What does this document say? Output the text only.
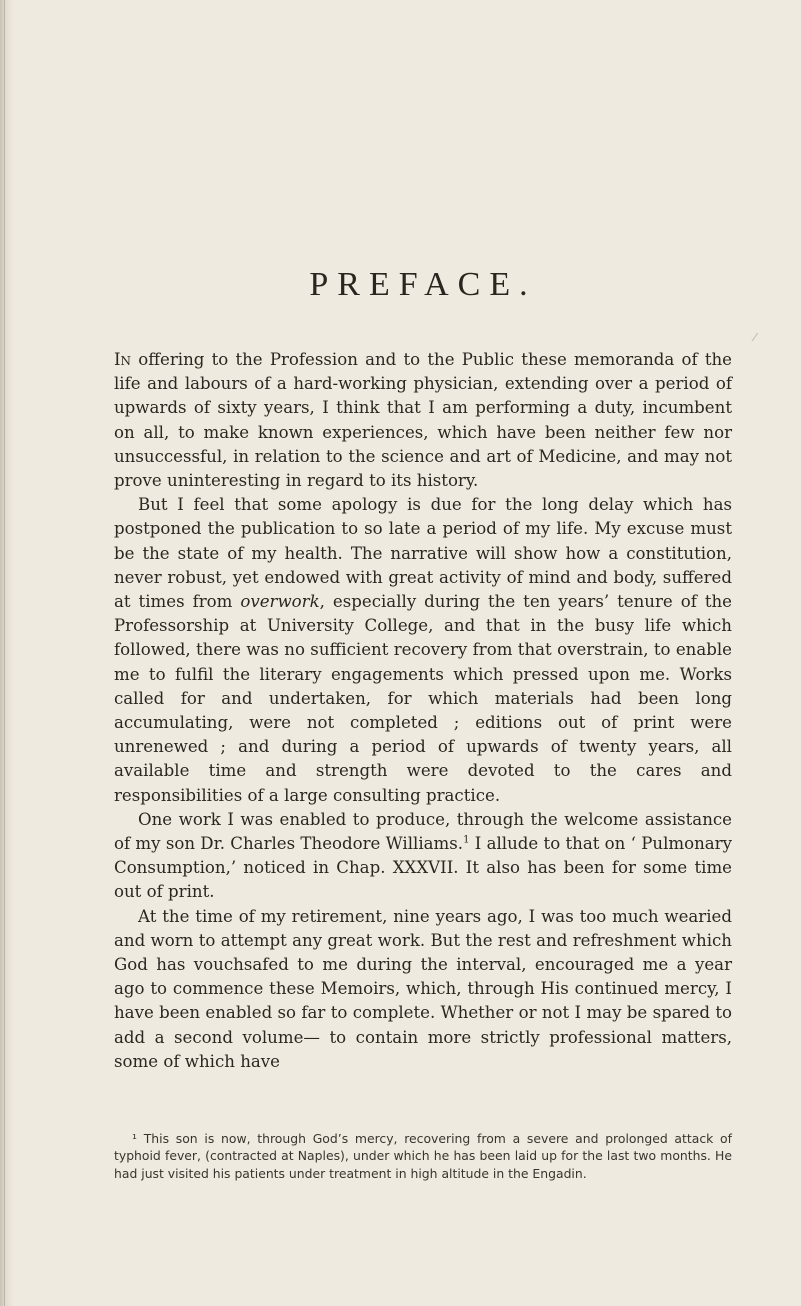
PREFACE.

In offering to the Profession and to the Public these memoranda of the life and labours of a hard-working physician, extending over a period of upwards of sixty years, I think that I am performing a duty, incumbent on all, to make known experiences, which have been neither few nor unsuccessful, in relation to the science and art of Medicine, and may not prove uninteresting in regard to its history.

But I feel that some apology is due for the long delay which has postponed the publication to so late a period of my life. My excuse must be the state of my health. The narrative will show how a constitution, never robust, yet endowed with great activity of mind and body, suffered at times from overwork, especially during the ten years’ tenure of the Professorship at University College, and that in the busy life which followed, there was no sufficient recovery from that overstrain, to enable me to fulfil the literary engagements which pressed upon me. Works called for and undertaken, for which materials had been long accumulating, were not completed ; editions out of print were unrenewed ; and during a period of upwards of twenty years, all available time and strength were devoted to the cares and responsibilities of a large consulting practice.

One work I was enabled to produce, through the welcome assistance of my son Dr. Charles Theodore Williams.$^1$ I allude to that on ‘ Pulmonary Consumption,’ noticed in Chap. XXXVII. It also has been for some time out of print.

At the time of my retirement, nine years ago, I was too much wearied and worn to attempt any great work. But the rest and refreshment which God has vouchsafed to me during the interval, encouraged me a year ago to commence these Memoirs, which, through His continued mercy, I have been enabled so far to complete. Whether or not I may be spared to add a second volume— to contain more strictly professional matters, some of which have

¹ This son is now, through God’s mercy, recovering from a severe and prolonged attack of typhoid fever, (contracted at Naples), under which he has been laid up for the last two months. He had just visited his patients under treatment in high altitude in the Engadin.
